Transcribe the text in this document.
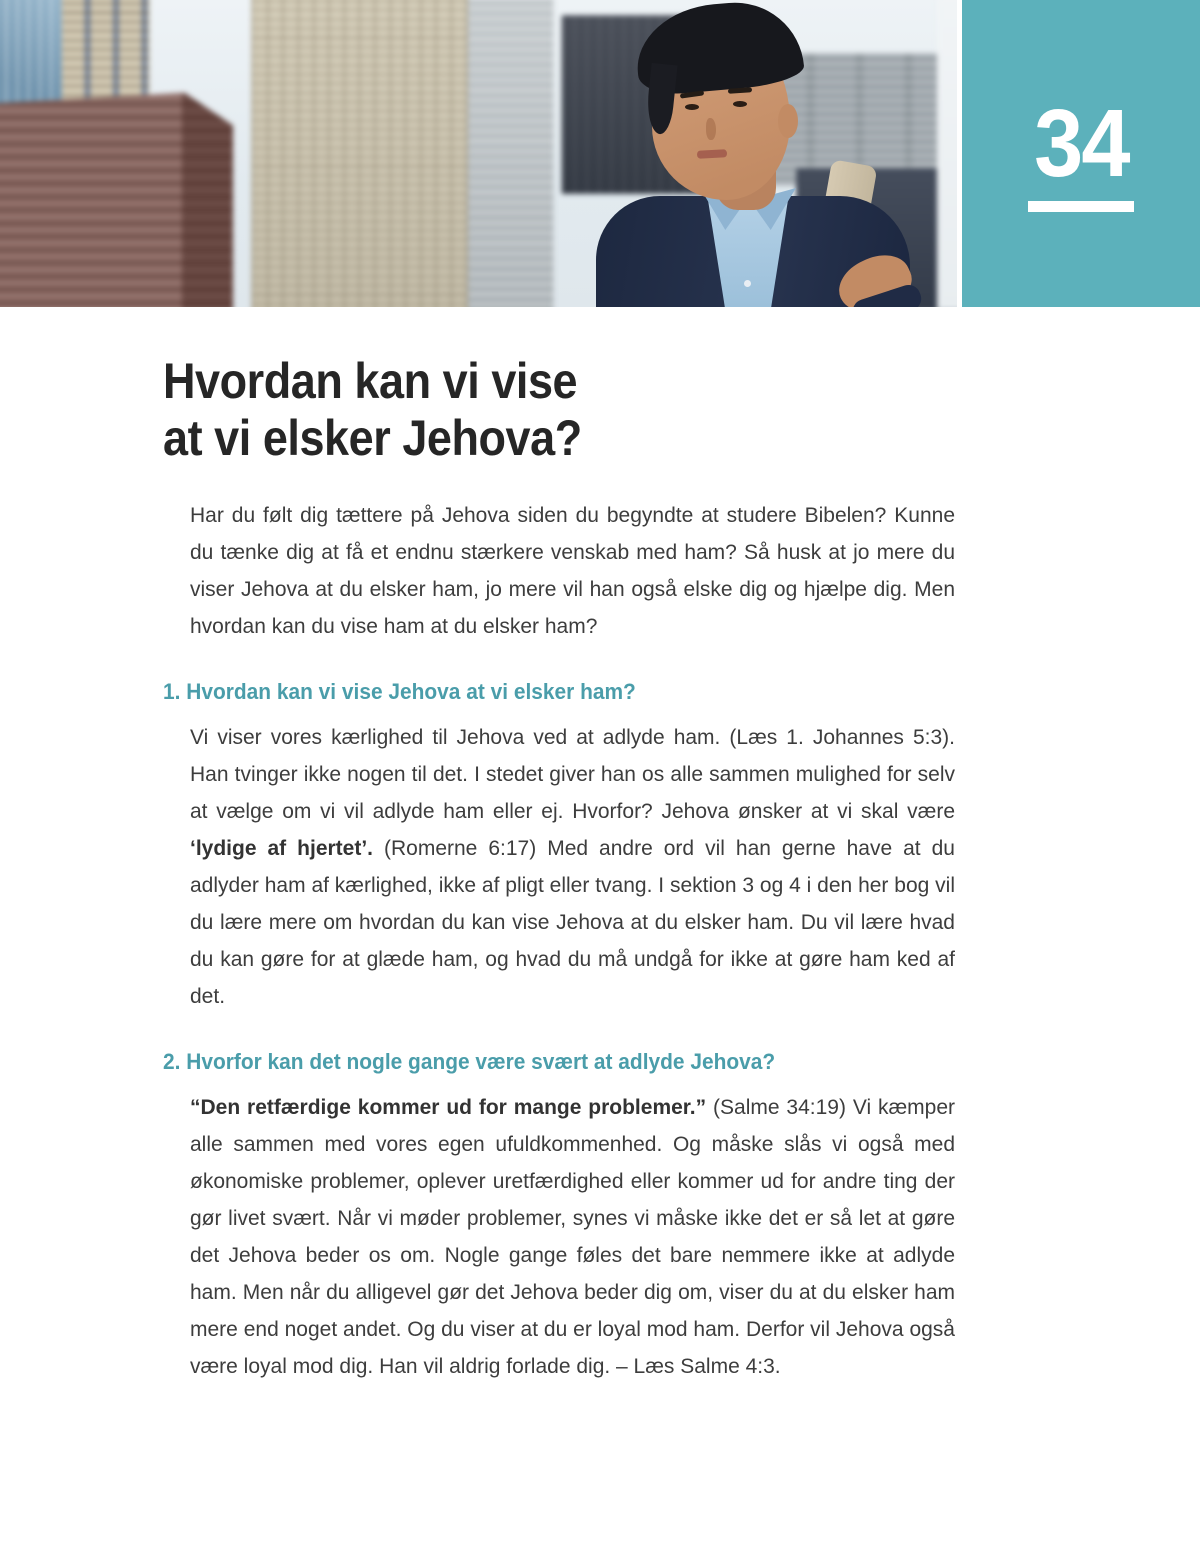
34
Hvordan kan vi vise
at vi elsker Jehova?

Har du følt dig tættere på Jehova siden du begyndte at studere Bibelen? Kunne du tænke dig at få et endnu stærkere venskab med ham? Så husk at jo mere du viser Jehova at du elsker ham, jo mere vil han også elske dig og hjælpe dig. Men hvordan kan du vise ham at du elsker ham?

1. Hvordan kan vi vise Jehova at vi elsker ham?

Vi viser vores kærlighed til Jehova ved at adlyde ham. (Læs 1. Johannes 5:3). Han tvinger ikke nogen til det. I stedet giver han os alle sammen mulighed for selv at vælge om vi vil adlyde ham eller ej. Hvorfor? Jehova ønsker at vi skal være ‘lydige af hjertet’. (Romerne 6:17) Med andre ord vil han gerne have at du adlyder ham af kærlighed, ikke af pligt eller tvang. I sektion 3 og 4 i den her bog vil du lære mere om hvordan du kan vise Jehova at du elsker ham. Du vil lære hvad du kan gøre for at glæde ham, og hvad du må undgå for ikke at gøre ham ked af det.

2. Hvorfor kan det nogle gange være svært at adlyde Jehova?

“Den retfærdige kommer ud for mange problemer.” (Salme 34:19) Vi kæmper alle sammen med vores egen ufuldkommenhed. Og måske slås vi også med økonomiske problemer, oplever uretfærdighed eller kommer ud for andre ting der gør livet svært. Når vi møder problemer, synes vi måske ikke det er så let at gøre det Jehova beder os om. Nogle gange føles det bare nemmere ikke at adlyde ham. Men når du alligevel gør det Jehova beder dig om, viser du at du elsker ham mere end noget andet. Og du viser at du er loyal mod ham. Derfor vil Jehova også være loyal mod dig. Han vil aldrig forlade dig. – Læs Salme 4:3.
